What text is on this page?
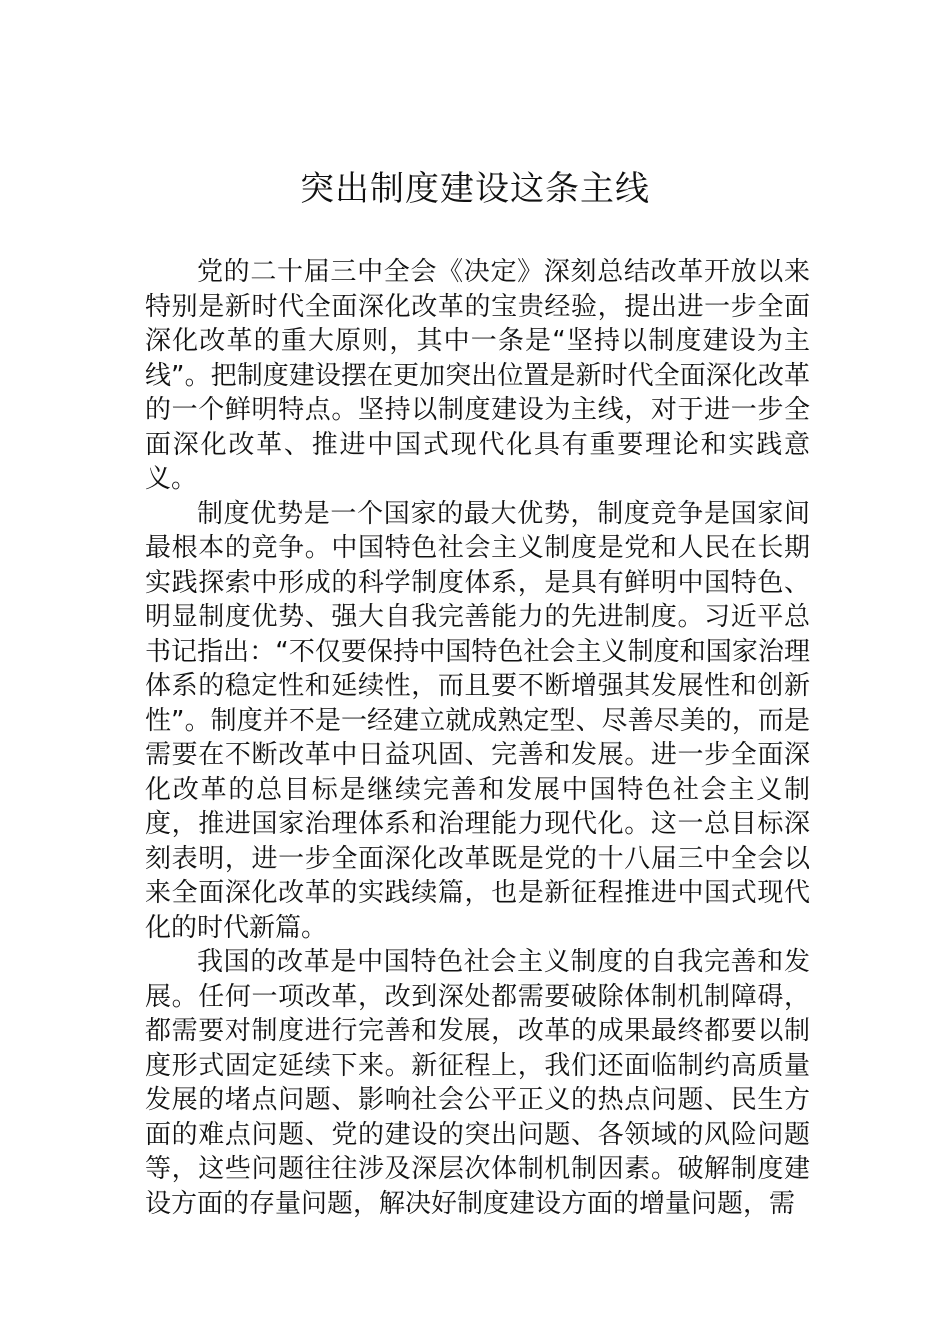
突出制度建设这条主线

党的二十届三中全会《决定》深刻总结改革开放以来特别是新时代全面深化改革的宝贵经验，提出进一步全面深化改革的重大原则，其中一条是“坚持以制度建设为主线”。把制度建设摆在更加突出位置是新时代全面深化改革的一个鲜明特点。坚持以制度建设为主线，对于进一步全面深化改革、推进中国式现代化具有重要理论和实践意义。

制度优势是一个国家的最大优势，制度竞争是国家间最根本的竞争。中国特色社会主义制度是党和人民在长期实践探索中形成的科学制度体系，是具有鲜明中国特色、明显制度优势、强大自我完善能力的先进制度。习近平总书记指出：“不仅要保持中国特色社会主义制度和国家治理体系的稳定性和延续性，而且要不断增强其发展性和创新性”。制度并不是一经建立就成熟定型、尽善尽美的，而是需要在不断改革中日益巩固、完善和发展。进一步全面深化改革的总目标是继续完善和发展中国特色社会主义制度，推进国家治理体系和治理能力现代化。这一总目标深刻表明，进一步全面深化改革既是党的十八届三中全会以来全面深化改革的实践续篇，也是新征程推进中国式现代化的时代新篇。

我国的改革是中国特色社会主义制度的自我完善和发展。任何一项改革，改到深处都需要破除体制机制障碍，都需要对制度进行完善和发展，改革的成果最终都要以制度形式固定延续下来。新征程上，我们还面临制约高质量发展的堵点问题、影响社会公平正义的热点问题、民生方面的难点问题、党的建设的突出问题、各领域的风险问题等，这些问题往往涉及深层次体制机制因素。破解制度建设方面的存量问题，解决好制度建设方面的增量问题，需
